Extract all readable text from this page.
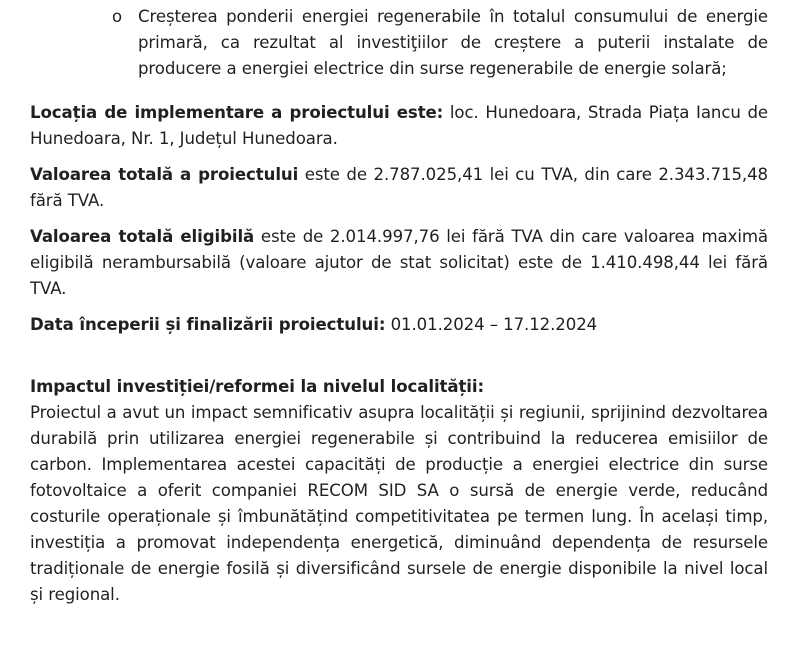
o Creșterea ponderii energiei regenerabile în totalul consumului de energie primară, ca rezultat al investiţiilor de creștere a puterii instalate de producere a energiei electrice din surse regenerabile de energie solară;

Locația de implementare a proiectului este: loc. Hunedoara, Strada Piața Iancu de Hunedoara, Nr. 1, Județul Hunedoara.

Valoarea totală a proiectului este de 2.787.025,41 lei cu TVA, din care 2.343.715,48 fără TVA.

Valoarea totală eligibilă este de 2.014.997,76 lei fără TVA din care valoarea maximă eligibilă nerambursabilă (valoare ajutor de stat solicitat) este de 1.410.498,44 lei fără TVA.

Data începerii și finalizării proiectului: 01.01.2024 – 17.12.2024

Impactul investiției/reformei la nivelul localității:

Proiectul a avut un impact semnificativ asupra localității și regiunii, sprijinind dezvoltarea durabilă prin utilizarea energiei regenerabile și contribuind la reducerea emisiilor de carbon. Implementarea acestei capacități de producție a energiei electrice din surse fotovoltaice a oferit companiei RECOM SID SA o sursă de energie verde, reducând costurile operaționale și îmbunătățind competitivitatea pe termen lung. În același timp, investiția a promovat independența energetică, diminuând dependența de resursele tradiționale de energie fosilă și diversificând sursele de energie disponibile la nivel local și regional.
